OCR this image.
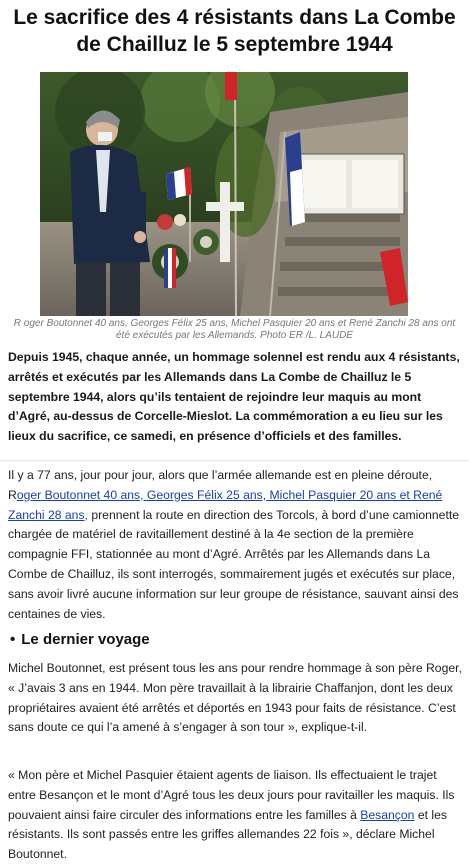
Le sacrifice des 4 résistants dans La Combe de Chailluz le 5 septembre 1944
R oger Boutonnet 40 ans, Georges Félix 25 ans, Michel Pasquier 20 ans et René Zanchi 28 ans ont été exécutés par les Allemands. Photo ER /L. LAUDE

Depuis 1945, chaque année, un hommage solennel est rendu aux 4 résistants, arrêtés et exécutés par les Allemands dans La Combe de Chailluz le 5 septembre 1944, alors qu’ils tentaient de rejoindre leur maquis au mont d’Agré, au-dessus de Corcelle-Mieslot. La commémoration a eu lieu sur les lieux du sacrifice, ce samedi, en présence d’officiels et des familles.

Il y a 77 ans, jour pour jour, alors que l’armée allemande est en pleine déroute, Roger Boutonnet 40 ans, Georges Félix 25 ans, Michel Pasquier 20 ans et René Zanchi 28 ans, prennent la route en direction des Torcols, à bord d’une camionnette chargée de matériel de ravitaillement destiné à la 4e section de la première compagnie FFI, stationnée au mont d’Agré. Arrêtés par les Allemands dans La Combe de Chailluz, ils sont interrogés, sommairement jugés et exécutés sur place, sans avoir livré aucune information sur leur groupe de résistance, sauvant ainsi des centaines de vies.

• Le dernier voyage

Michel Boutonnet, est présent tous les ans pour rendre hommage à son père Roger, « J’avais 3 ans en 1944. Mon père travaillait à la librairie Chaffanjon, dont les deux propriétaires avaient été arrêtés et déportés en 1943 pour faits de résistance. C’est sans doute ce qui l’a amené à s’engager à son tour », explique-t-il.

« Mon père et Michel Pasquier étaient agents de liaison. Ils effectuaient le trajet entre Besançon et le mont d’Agré tous les deux jours pour ravitailler les maquis. Ils pouvaient ainsi faire circuler des informations entre les familles à Besançon et les résistants. Ils sont passés entre les griffes allemandes 22 fois », déclare Michel Boutonnet.
